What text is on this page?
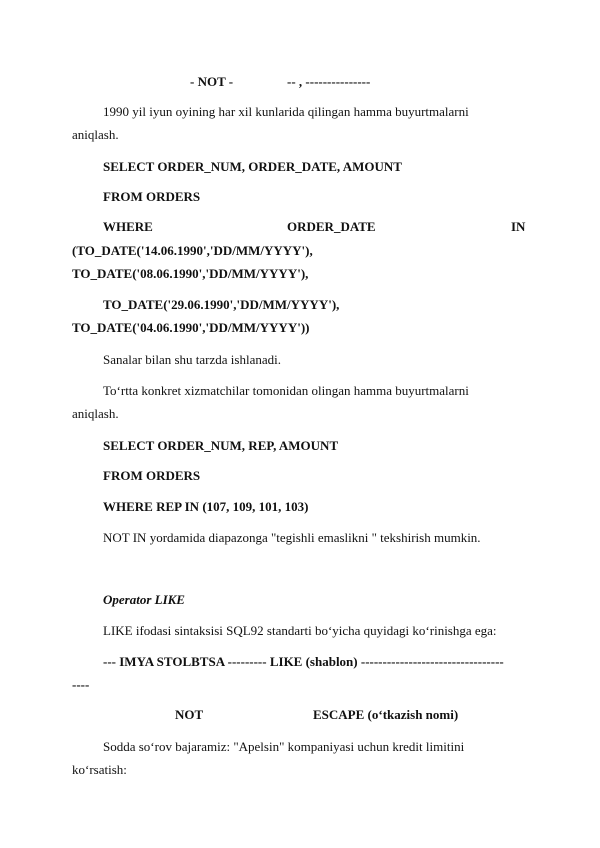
- NOT -	-- , ---------------
1990 yil iyun oyining har xil kunlarida qilingan hamma buyurtmalarni
aniqlash.
SELECT ORDER_NUM, ORDER_DATE, AMOUNT
FROM ORDERS
WHERE	ORDER_DATE	IN
(TO_DATE('14.06.1990','DD/MM/YYYY'),
TO_DATE('08.06.1990','DD/MM/YYYY'),
TO_DATE('29.06.1990','DD/MM/YYYY'),
TO_DATE('04.06.1990','DD/MM/YYYY'))
Sanalar bilan shu tarzda ishlanadi.
To‘rtta konkret xizmatchilar tomonidan olingan hamma buyurtmalarni
aniqlash.
SELECT ORDER_NUM, REP, AMOUNT
FROM ORDERS
WHERE REP IN (107, 109, 101, 103)
NOT IN yordamida diapazonga "tegishli emaslikni " tekshirish mumkin.
Operator LIKE
LIKE ifodasi sintaksisi SQL92 standarti bo‘yicha quyidagi ko‘rinishga ega:
--- IMYA STOLBTSA --------- LIKE (shablon) ---------------------------------
----
NOT	ESCAPE (o‘tkazish nomi)
Sodda so‘rov bajaramiz: "Apelsin" kompaniyasi uchun kredit limitini
ko‘rsatish:
